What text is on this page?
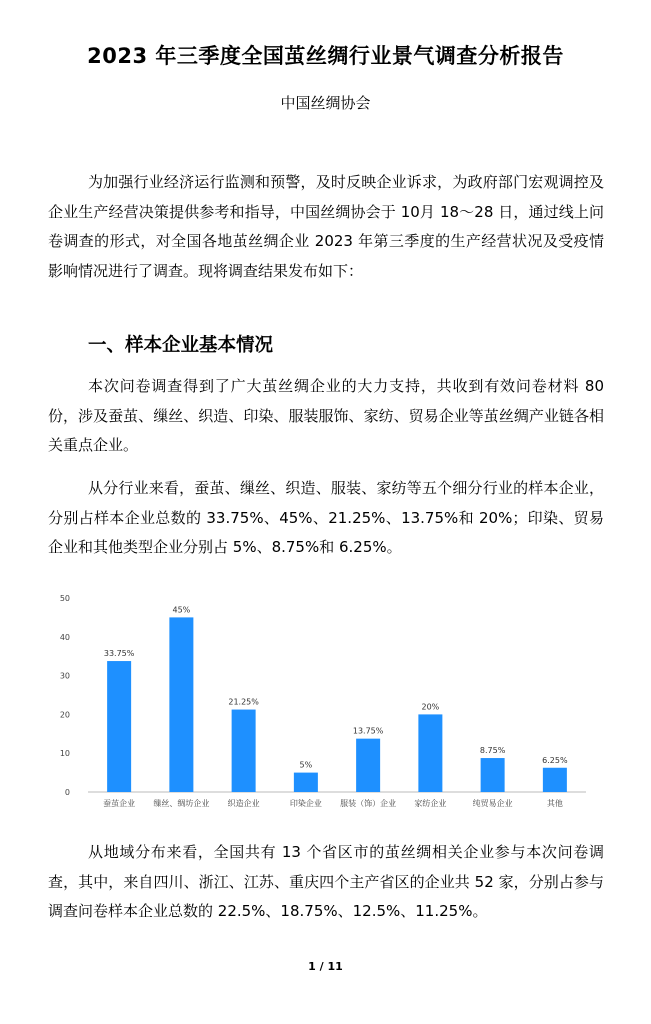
2023 年三季度全国茧丝绸行业景气调查分析报告
中国丝绸协会

为加强行业经济运行监测和预警，及时反映企业诉求，为政府部门宏观调控及企业生产经营决策提供参考和指导，中国丝绸协会于 10月 18～28 日，通过线上问卷调查的形式，对全国各地茧丝绸企业 2023 年第三季度的生产经营状况及受疫情影响情况进行了调查。现将调查结果发布如下：

一、样本企业基本情况

本次问卷调查得到了广大茧丝绸企业的大力支持，共收到有效问卷材料 80 份，涉及蚕茧、缫丝、织造、印染、服装服饰、家纺、贸易企业等茧丝绸产业链各相关重点企业。

从分行业来看，蚕茧、缫丝、织造、服装、家纺等五个细分行业的样本企业，分别占样本企业总数的 33.75%、45%、21.25%、13.75%和 20%；印染、贸易企业和其他类型企业分别占 5%、8.75%和 6.25%。

0
10
20
30
40
50
33.75%
蚕茧企业
45%
缫丝、绸坊企业
21.25%
织造企业
5%
印染企业
13.75%
服装（饰）企业
20%
家纺企业
8.75%
纯贸易企业
6.25%
其他

从地域分布来看，全国共有 13 个省区市的茧丝绸相关企业参与本次问卷调查，其中，来自四川、浙江、江苏、重庆四个主产省区的企业共 52 家，分别占参与调查问卷样本企业总数的 22.5%、18.75%、12.5%、11.25%。

1 / 11
